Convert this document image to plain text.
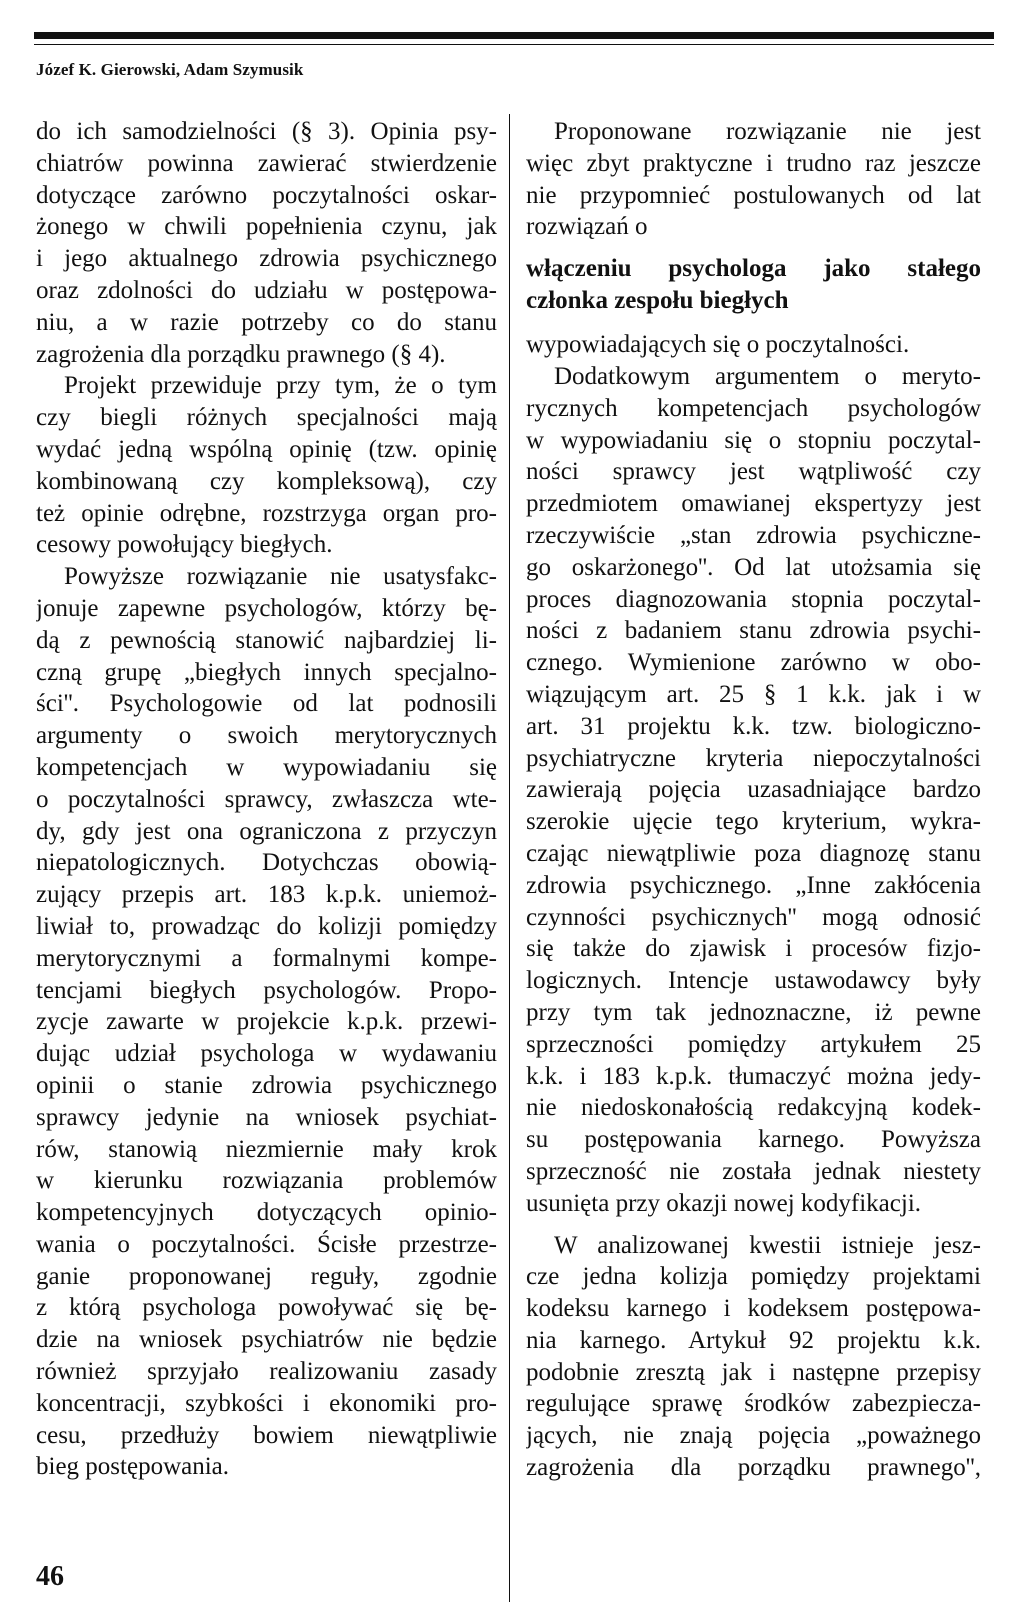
Józef K. Gierowski, Adam Szymusik
do ich samodzielności (§ 3). Opinia psy-
chiatrów powinna zawierać stwierdzenie
dotyczące zarówno poczytalności oskar-
żonego w chwili popełnienia czynu, jak
i jego aktualnego zdrowia psychicznego
oraz zdolności do udziału w postępowa-
niu, a w razie potrzeby co do stanu
zagrożenia dla porządku prawnego (§ 4).
Projekt przewiduje przy tym, że o tym
czy biegli różnych specjalności mają
wydać jedną wspólną opinię (tzw. opinię
kombinowaną czy kompleksową), czy
też opinie odrębne, rozstrzyga organ pro-
cesowy powołujący biegłych.
Powyższe rozwiązanie nie usatysfakc-
jonuje zapewne psychologów, którzy bę-
dą z pewnością stanowić najbardziej li-
czną grupę „biegłych innych specjalno-
ści''. Psychologowie od lat podnosili
argumenty o swoich merytorycznych
kompetencjach w wypowiadaniu się
o poczytalności sprawcy, zwłaszcza wte-
dy, gdy jest ona ograniczona z przyczyn
niepatologicznych. Dotychczas obowią-
zujący przepis art. 183 k.p.k. uniemoż-
liwiał to, prowadząc do kolizji pomiędzy
merytorycznymi a formalnymi kompe-
tencjami biegłych psychologów. Propo-
zycje zawarte w projekcie k.p.k. przewi-
dując udział psychologa w wydawaniu
opinii o stanie zdrowia psychicznego
sprawcy jedynie na wniosek psychiat-
rów, stanowią niezmiernie mały krok
w kierunku rozwiązania problemów
kompetencyjnych dotyczących opinio-
wania o poczytalności. Ścisłe przestrze-
ganie proponowanej reguły, zgodnie
z którą psychologa powoływać się bę-
dzie na wniosek psychiatrów nie będzie
również sprzyjało realizowaniu zasady
koncentracji, szybkości i ekonomiki pro-
cesu, przedłuży bowiem niewątpliwie
bieg postępowania.
Proponowane rozwiązanie nie jest
więc zbyt praktyczne i trudno raz jeszcze
nie przypomnieć postulowanych od lat
rozwiązań o
włączeniu psychologa jako stałego
członka zespołu biegłych
wypowiadających się o poczytalności.
Dodatkowym argumentem o meryto-
rycznych kompetencjach psychologów
w wypowiadaniu się o stopniu poczytal-
ności sprawcy jest wątpliwość czy
przedmiotem omawianej ekspertyzy jest
rzeczywiście „stan zdrowia psychiczne-
go oskarżonego''. Od lat utożsamia się
proces diagnozowania stopnia poczytal-
ności z badaniem stanu zdrowia psychi-
cznego. Wymienione zarówno w obo-
wiązującym art. 25 § 1 k.k. jak i w
art. 31 projektu k.k. tzw. biologiczno-
psychiatryczne kryteria niepoczytalności
zawierają pojęcia uzasadniające bardzo
szerokie ujęcie tego kryterium, wykra-
czając niewątpliwie poza diagnozę stanu
zdrowia psychicznego. „Inne zakłócenia
czynności psychicznych'' mogą odnosić
się także do zjawisk i procesów fizjo-
logicznych. Intencje ustawodawcy były
przy tym tak jednoznaczne, iż pewne
sprzeczności pomiędzy artykułem 25
k.k. i 183 k.p.k. tłumaczyć można jedy-
nie niedoskonałością redakcyjną kodek-
su postępowania karnego. Powyższa
sprzeczność nie została jednak niestety
usunięta przy okazji nowej kodyfikacji.
W analizowanej kwestii istnieje jesz-
cze jedna kolizja pomiędzy projektami
kodeksu karnego i kodeksem postępowa-
nia karnego. Artykuł 92 projektu k.k.
podobnie zresztą jak i następne przepisy
regulujące sprawę środków zabezpiecza-
jących, nie znają pojęcia „poważnego
zagrożenia dla porządku prawnego'',
46
